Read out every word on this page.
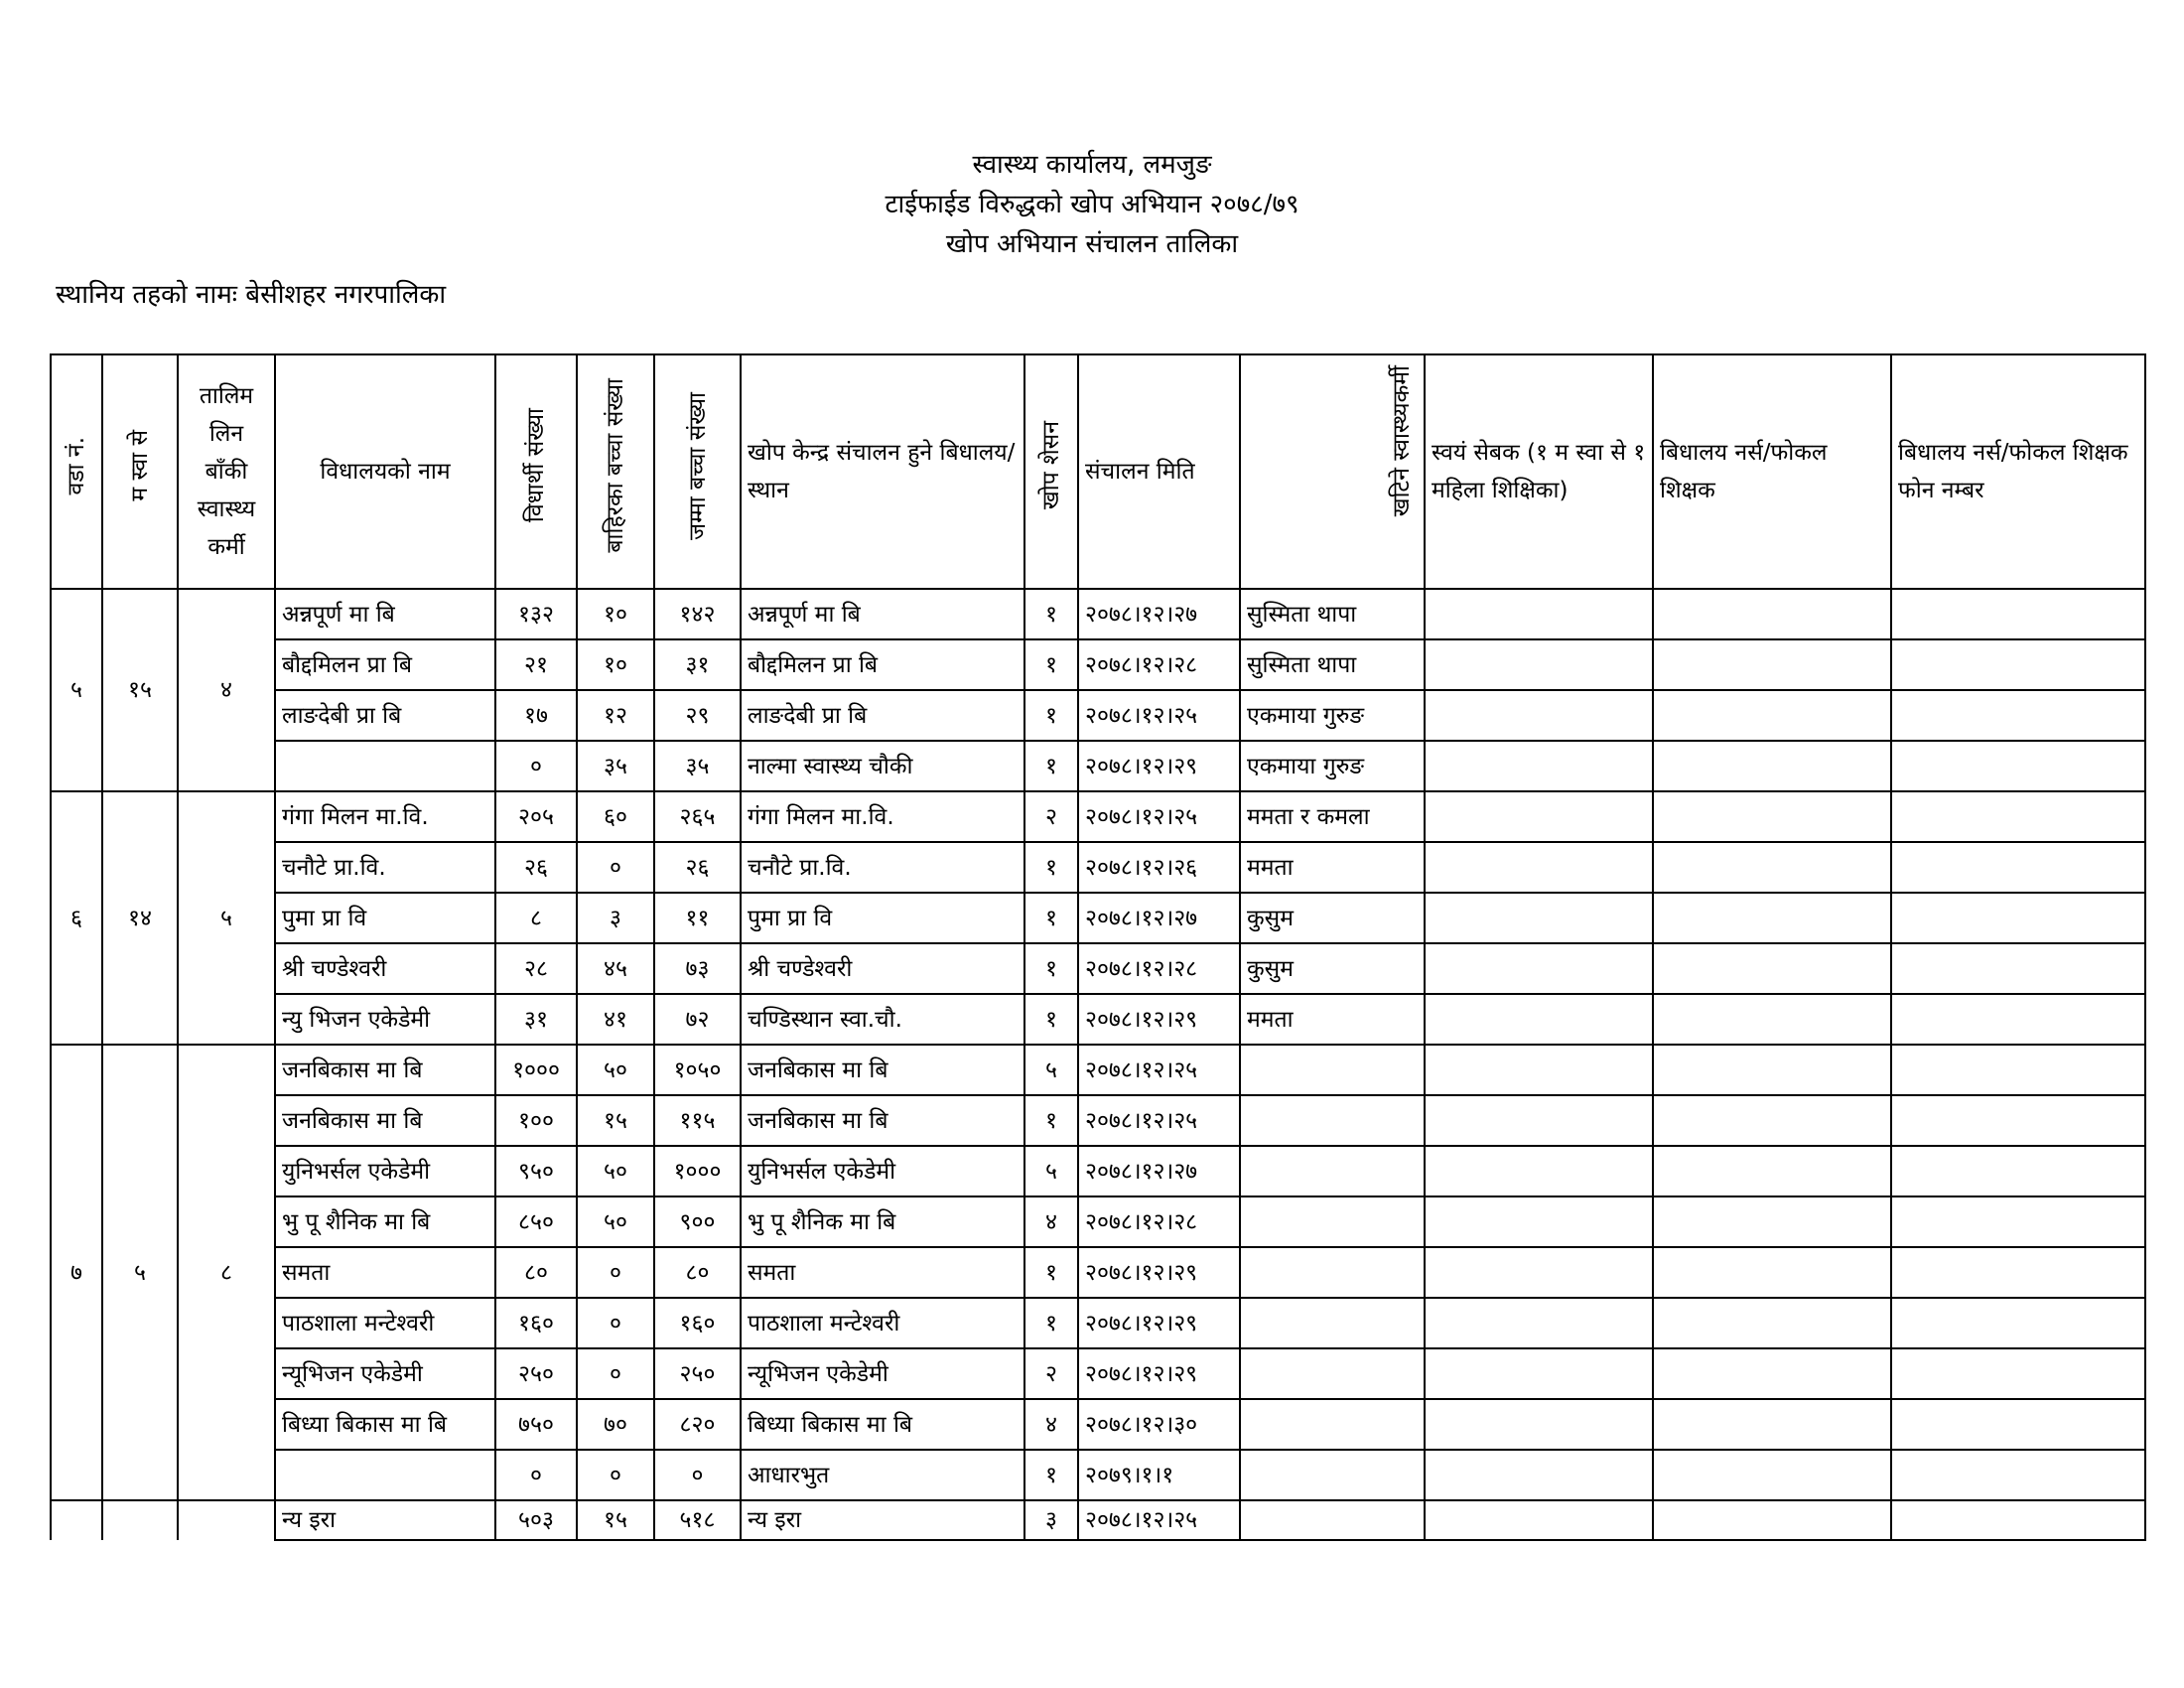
स्वास्थ्य कार्यालय, लमजुङ
टाईफाईड विरुद्धको खोप अभियान २०७८/७९
खोप अभियान संचालन तालिका
स्थानिय तहको नामः बेसीशहर नगरपालिका
वडा नं.	म स्वा से	तालिम लिन बाँकी स्वास्थ्य कर्मी	विधालयको नाम	विधार्थी संख्या	बाहिरका बच्चा संख्या	जम्मा बच्चा संख्या	खोप केन्द्र संचालन हुने बिधालय/स्थान	खोप शेसन	संचालन मिति	खटिने स्वास्थ्यकर्मी	स्वयं सेबक (१ म स्वा से १ महिला शिक्षिका)	बिधालय नर्स/फोकल शिक्षक	बिधालय नर्स/फोकल शिक्षक फोन नम्बर
५	१५	४	अन्नपूर्ण मा बि	१३२	१०	१४२	अन्नपूर्ण मा बि	१	२०७८।१२।२७	सुस्मिता थापा			
			बौद्दमिलन प्रा बि	२१	१०	३१	बौद्दमिलन प्रा बि	१	२०७८।१२।२८	सुस्मिता थापा			
			लाङदेबी प्रा बि	१७	१२	२९	लाङदेबी प्रा बि	१	२०७८।१२।२५	एकमाया गुरुङ			
				०	३५	३५	नाल्मा स्वास्थ्य चौकी	१	२०७८।१२।२९	एकमाया गुरुङ			
६	१४	५	गंगा मिलन मा.वि.	२०५	६०	२६५	गंगा मिलन मा.वि.	२	२०७८।१२।२५	ममता र कमला			
			चनौटे प्रा.वि.	२६	०	२६	चनौटे प्रा.वि.	१	२०७८।१२।२६	ममता			
			पुमा प्रा वि	८	३	११	पुमा प्रा वि	१	२०७८।१२।२७	कुसुम			
			श्री चण्डेश्वरी	२८	४५	७३	श्री चण्डेश्वरी	१	२०७८।१२।२८	कुसुम			
			न्यु भिजन एकेडेमी	३१	४१	७२	चण्डिस्थान स्वा.चौ.	१	२०७८।१२।२९	ममता			
७	५	८	जनबिकास मा बि	१०००	५०	१०५०	जनबिकास मा बि	५	२०७८।१२।२५				
			जनबिकास मा बि	१००	१५	११५	जनबिकास मा बि	१	२०७८।१२।२५				
			युनिभर्सल एकेडेमी	९५०	५०	१०००	युनिभर्सल एकेडेमी	५	२०७८।१२।२७				
			भु पू शैनिक मा बि	८५०	५०	९००	भु पू शैनिक मा बि	४	२०७८।१२।२८				
			समता	८०	०	८०	समता	१	२०७८।१२।२९				
			पाठशाला मन्टेश्वरी	१६०	०	१६०	पाठशाला मन्टेश्वरी	१	२०७८।१२।२९				
			न्यूभिजन एकेडेमी	२५०	०	२५०	न्यूभिजन एकेडेमी	२	२०७८।१२।२९				
			बिध्या बिकास मा बि	७५०	७०	८२०	बिध्या बिकास मा बि	४	२०७८।१२।३०				
				०	०	०	आधारभुत	१	२०७९।१।१				
			न्य इरा	५०३	१५	५१८	न्य इरा	३	२०७८।१२।२५				
